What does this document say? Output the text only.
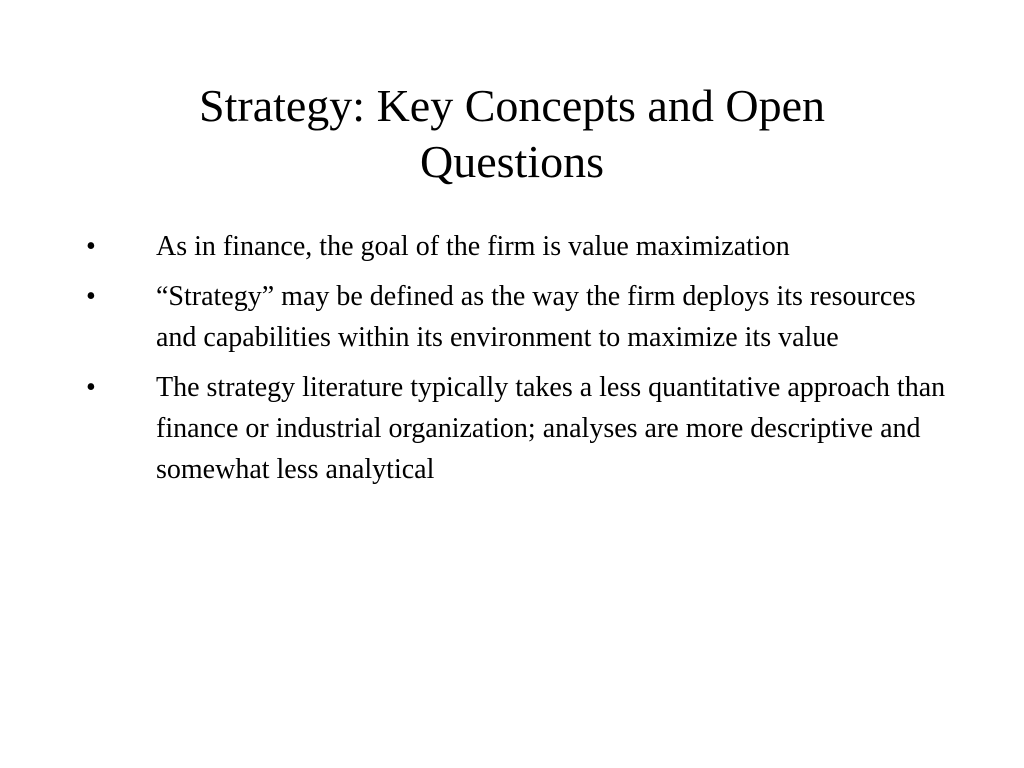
Strategy: Key Concepts and Open Questions
•	As in finance, the goal of the firm is value maximization
•	“Strategy” may be defined as the way the firm deploys its resources and capabilities within its environment to maximize its value
•	The strategy literature typically takes a less quantitative approach than finance or industrial organization; analyses are more descriptive and somewhat less analytical
